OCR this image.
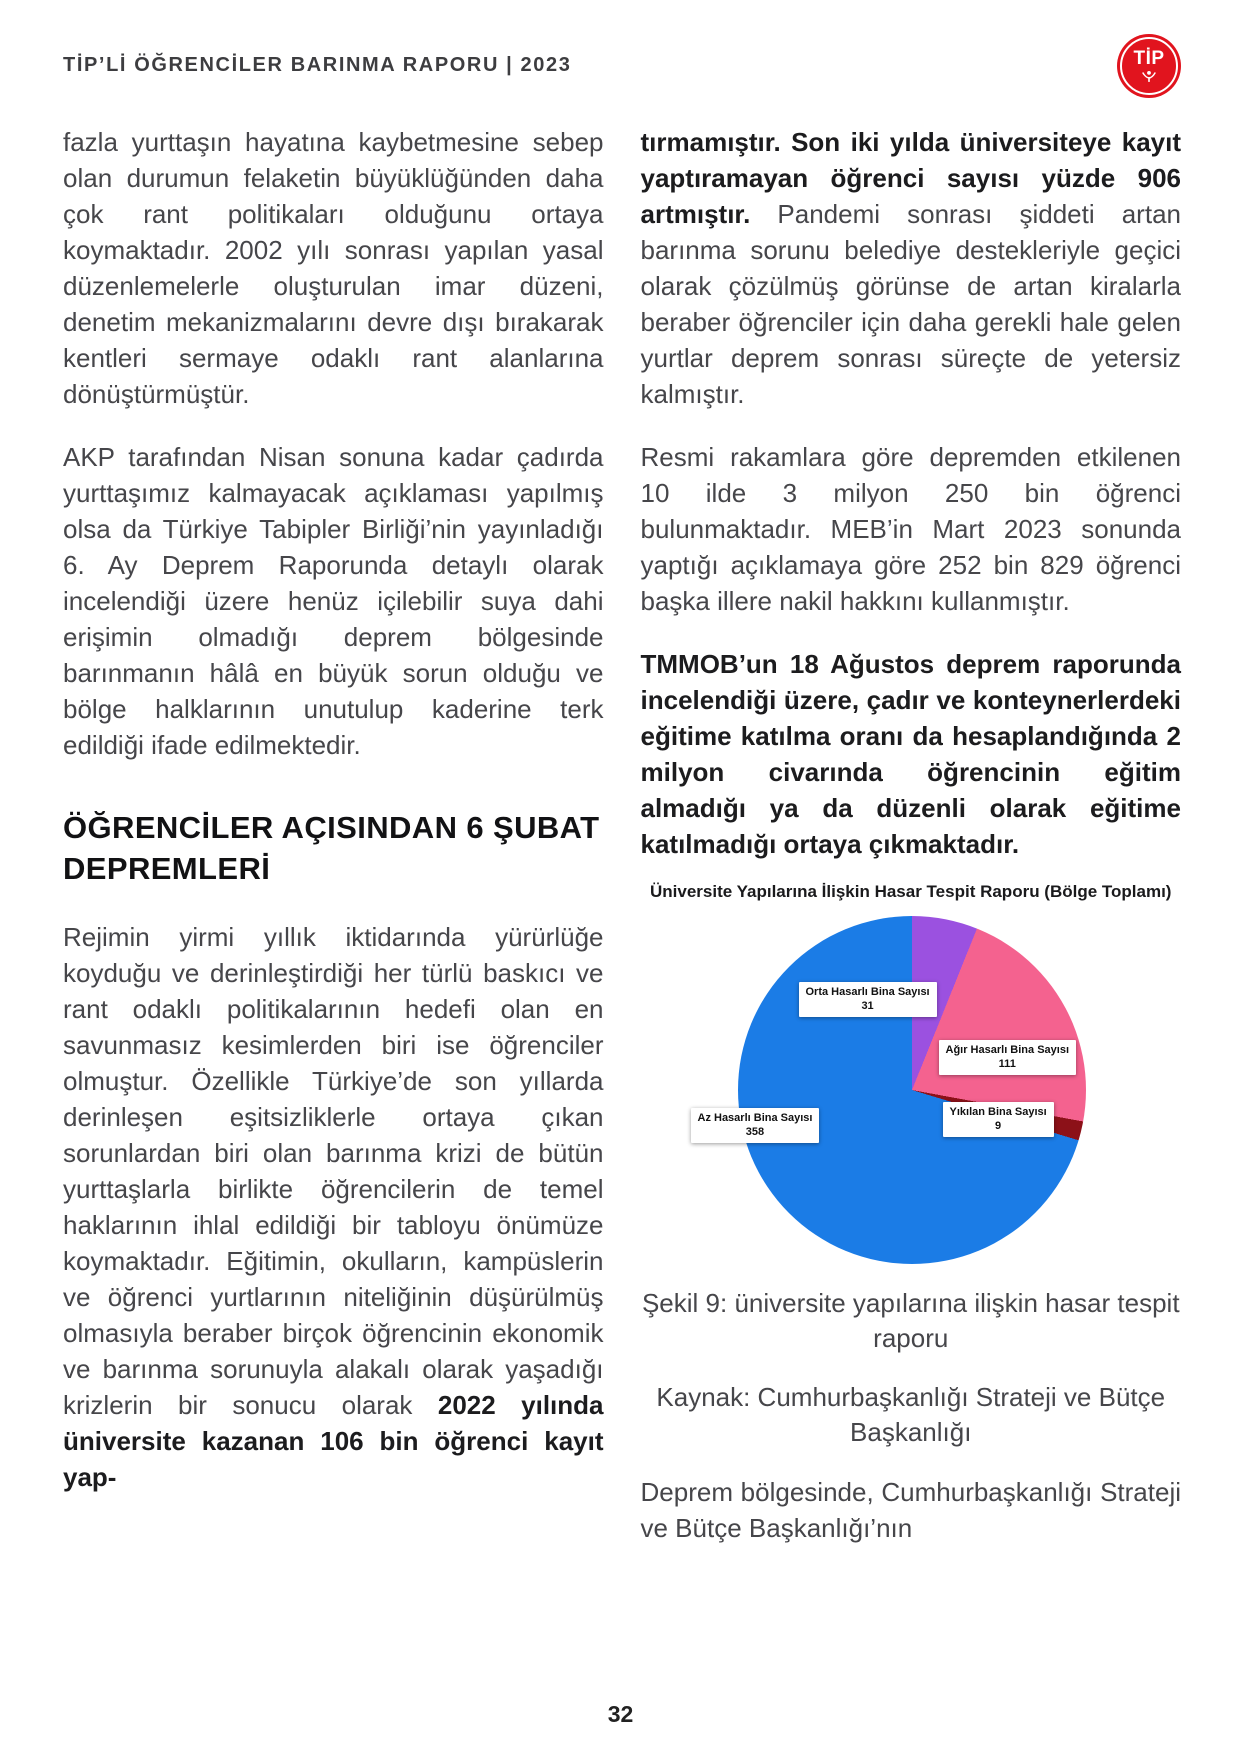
TİP’Lİ ÖĞRENCİLER BARINMA RAPORU | 2023	TİP

fazla yurttaşın hayatına kaybetmesine sebep olan durumun felaketin büyüklüğünden daha çok rant politikaları olduğunu ortaya koymaktadır. 2002 yılı sonrası yapılan yasal düzenlemelerle oluşturulan imar düzeni, denetim mekanizmalarını devre dışı bırakarak kentleri sermaye odaklı rant alanlarına dönüştürmüştür.

AKP tarafından Nisan sonuna kadar çadırda yurttaşımız kalmayacak açıklaması yapılmış olsa da Türkiye Tabipler Birliği’nin yayınladığı 6. Ay Deprem Raporunda detaylı olarak incelendiği üzere henüz içilebilir suya dahi erişimin olmadığı deprem bölgesinde barınmanın hâlâ en büyük sorun olduğu ve bölge halklarının unutulup kaderine terk edildiği ifade edilmektedir.

ÖĞRENCİLER AÇISINDAN 6 ŞUBAT DEPREMLERİ

Rejimin yirmi yıllık iktidarında yürürlüğe koyduğu ve derinleştirdiği her türlü baskıcı ve rant odaklı politikalarının hedefi olan en savunmasız kesimlerden biri ise öğrenciler olmuştur. Özellikle Türkiye’de son yıllarda derinleşen eşitsizliklerle ortaya çıkan sorunlardan biri olan barınma krizi de bütün yurttaşlarla birlikte öğrencilerin de temel haklarının ihlal edildiği bir tabloyu önümüze koymaktadır. Eğitimin, okulların, kampüslerin ve öğrenci yurtlarının niteliğinin düşürülmüş olmasıyla beraber birçok öğrencinin ekonomik ve barınma sorunuyla alakalı olarak yaşadığı krizlerin bir sonucu olarak 2022 yılında üniversite kazanan 106 bin öğrenci kayıt yap-

tırmamıştır. Son iki yılda üniversiteye kayıt yaptıramayan öğrenci sayısı yüzde 906 artmıştır. Pandemi sonrası şiddeti artan barınma sorunu belediye destekleriyle geçici olarak çözülmüş görünse de artan kiralarla beraber öğrenciler için daha gerekli hale gelen yurtlar deprem sonrası süreçte de yetersiz kalmıştır.

Resmi rakamlara göre depremden etkilenen 10 ilde 3 milyon 250 bin öğrenci bulunmaktadır. MEB’in Mart 2023 sonunda yaptığı açıklamaya göre 252 bin 829 öğrenci başka illere nakil hakkını kullanmıştır.

TMMOB’un 18 Ağustos deprem raporunda incelendiği üzere, çadır ve konteynerlerdeki eğitime katılma oranı da hesaplandığında 2 milyon civarında öğrencinin eğitim almadığı ya da düzenli olarak eğitime katılmadığı ortaya çıkmaktadır.

Üniversite Yapılarına İlişkin Hasar Tespit Raporu (Bölge Toplamı)
Orta Hasarlı Bina Sayısı
31
Ağır Hasarlı Bina Sayısı
111
Yıkılan Bina Sayısı
9
Az Hasarlı Bina Sayısı
358

Şekil 9: üniversite yapılarına ilişkin hasar tespit raporu

Kaynak: Cumhurbaşkanlığı Strateji ve Bütçe Başkanlığı

Deprem bölgesinde, Cumhurbaşkanlığı Strateji ve Bütçe Başkanlığı’nın

32
